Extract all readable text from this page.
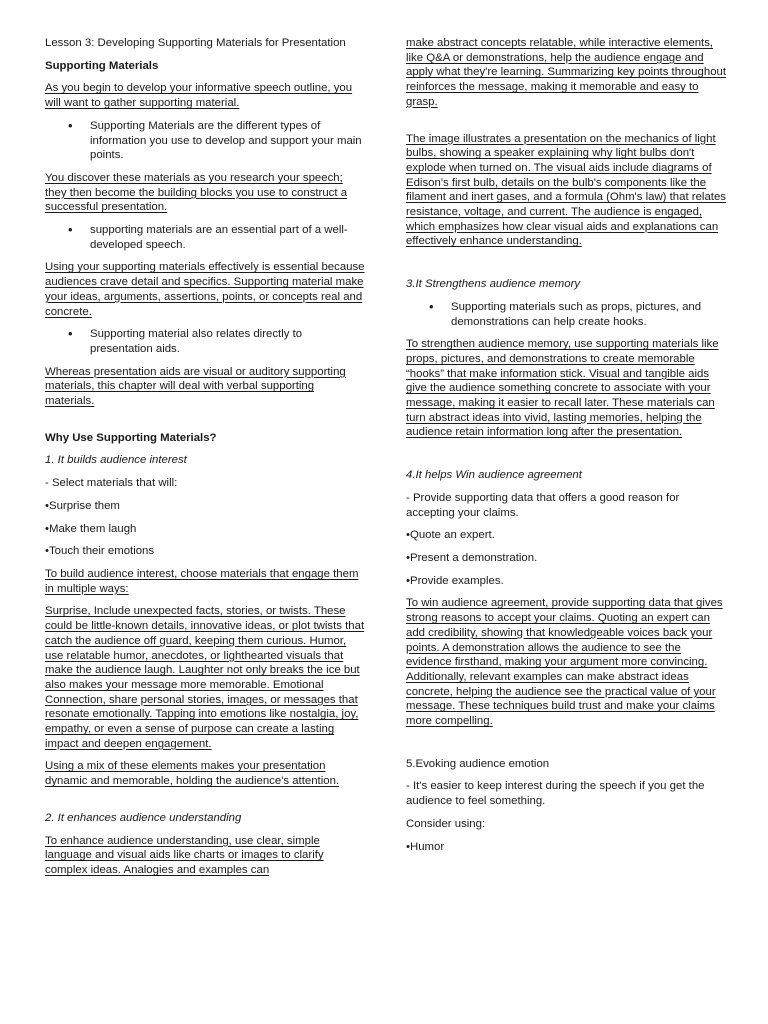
Lesson 3: Developing Supporting Materials for Presentation

Supporting Materials

As you begin to develop your informative speech outline, you will want to gather supporting material.

• Supporting Materials are the different types of information you use to develop and support your main points.

You discover these materials as you research your speech; they then become the building blocks you use to construct a successful presentation.

• supporting materials are an essential part of a well-developed speech.

Using your supporting materials effectively is essential because audiences crave detail and specifics. Supporting material make your ideas, arguments, assertions, points, or concepts real and concrete.

• Supporting material also relates directly to presentation aids.

Whereas presentation aids are visual or auditory supporting materials, this chapter will deal with verbal supporting materials.

Why Use Supporting Materials?

1. It builds audience interest

- Select materials that will:

•Surprise them

•Make them laugh

•Touch their emotions

To build audience interest, choose materials that engage them in multiple ways:

Surprise, Include unexpected facts, stories, or twists. These could be little-known details, innovative ideas, or plot twists that catch the audience off guard, keeping them curious. Humor, use relatable humor, anecdotes, or lighthearted visuals that make the audience laugh. Laughter not only breaks the ice but also makes your message more memorable. Emotional Connection, share personal stories, images, or messages that resonate emotionally. Tapping into emotions like nostalgia, joy, empathy, or even a sense of purpose can create a lasting impact and deepen engagement.

Using a mix of these elements makes your presentation dynamic and memorable, holding the audience's attention.

2. It enhances audience understanding

To enhance audience understanding, use clear, simple language and visual aids like charts or images to clarify complex ideas. Analogies and examples can

make abstract concepts relatable, while interactive elements, like Q&A or demonstrations, help the audience engage and apply what they're learning. Summarizing key points throughout reinforces the message, making it memorable and easy to grasp.

The image illustrates a presentation on the mechanics of light bulbs, showing a speaker explaining why light bulbs don't explode when turned on. The visual aids include diagrams of Edison's first bulb, details on the bulb's components like the filament and inert gases, and a formula (Ohm's law) that relates resistance, voltage, and current. The audience is engaged, which emphasizes how clear visual aids and explanations can effectively enhance understanding.

3.It Strengthens audience memory

• Supporting materials such as props, pictures, and demonstrations can help create hooks.

To strengthen audience memory, use supporting materials like props, pictures, and demonstrations to create memorable “hooks” that make information stick. Visual and tangible aids give the audience something concrete to associate with your message, making it easier to recall later. These materials can turn abstract ideas into vivid, lasting memories, helping the audience retain information long after the presentation.

4.It helps Win audience agreement

- Provide supporting data that offers a good reason for accepting your claims.

•Quote an expert.

•Present a demonstration.

•Provide examples.

To win audience agreement, provide supporting data that gives strong reasons to accept your claims. Quoting an expert can add credibility, showing that knowledgeable voices back your points. A demonstration allows the audience to see the evidence firsthand, making your argument more convincing. Additionally, relevant examples can make abstract ideas concrete, helping the audience see the practical value of your message. These techniques build trust and make your claims more compelling.

5.Evoking audience emotion

- It's easier to keep interest during the speech if you get the audience to feel something.

Consider using:

•Humor
